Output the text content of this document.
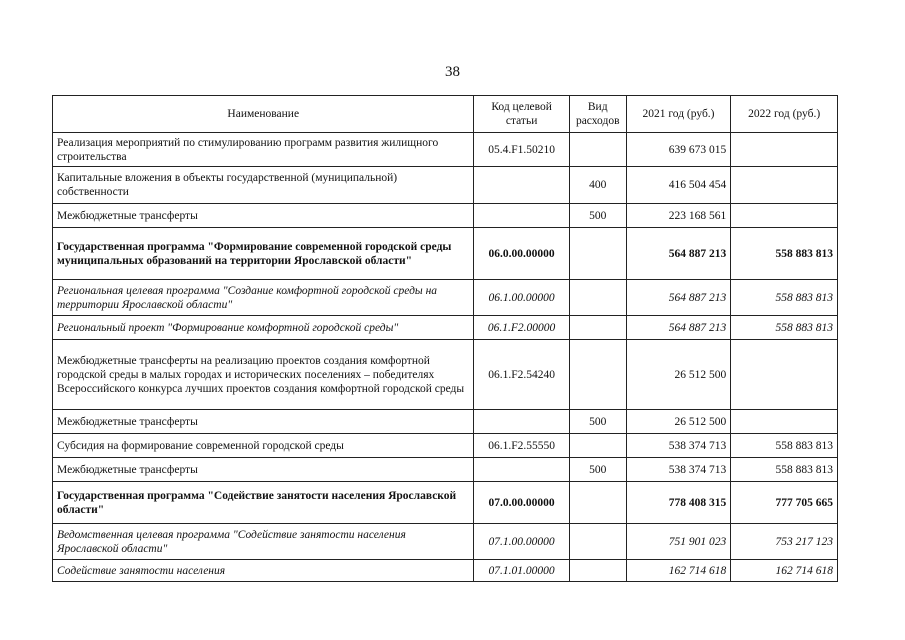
38
Наименование	Код целевой статьи	Вид расходов	2021 год (руб.)	2022 год (руб.)
Реализация мероприятий по стимулированию программ развития жилищного строительства	05.4.F1.50210		639 673 015	
Капитальные вложения в объекты государственной (муниципальной) собственности		400	416 504 454	
Межбюджетные трансферты		500	223 168 561	
Государственная программа "Формирование современной городской среды муниципальных образований на территории Ярославской области"	06.0.00.00000		564 887 213	558 883 813
Региональная целевая программа "Создание комфортной городской среды на территории Ярославской области"	06.1.00.00000		564 887 213	558 883 813
Региональный проект "Формирование комфортной городской среды"	06.1.F2.00000		564 887 213	558 883 813
Межбюджетные трансферты на реализацию проектов создания комфортной городской среды в малых городах и исторических поселениях – победителях Всероссийского конкурса лучших проектов создания комфортной городской среды	06.1.F2.54240		26 512 500	
Межбюджетные трансферты		500	26 512 500	
Субсидия на формирование современной городской среды	06.1.F2.55550		538 374 713	558 883 813
Межбюджетные трансферты		500	538 374 713	558 883 813
Государственная программа "Содействие занятости населения Ярославской области"	07.0.00.00000		778 408 315	777 705 665
Ведомственная целевая программа "Содействие занятости населения Ярославской области"	07.1.00.00000		751 901 023	753 217 123
Содействие занятости населения	07.1.01.00000		162 714 618	162 714 618
